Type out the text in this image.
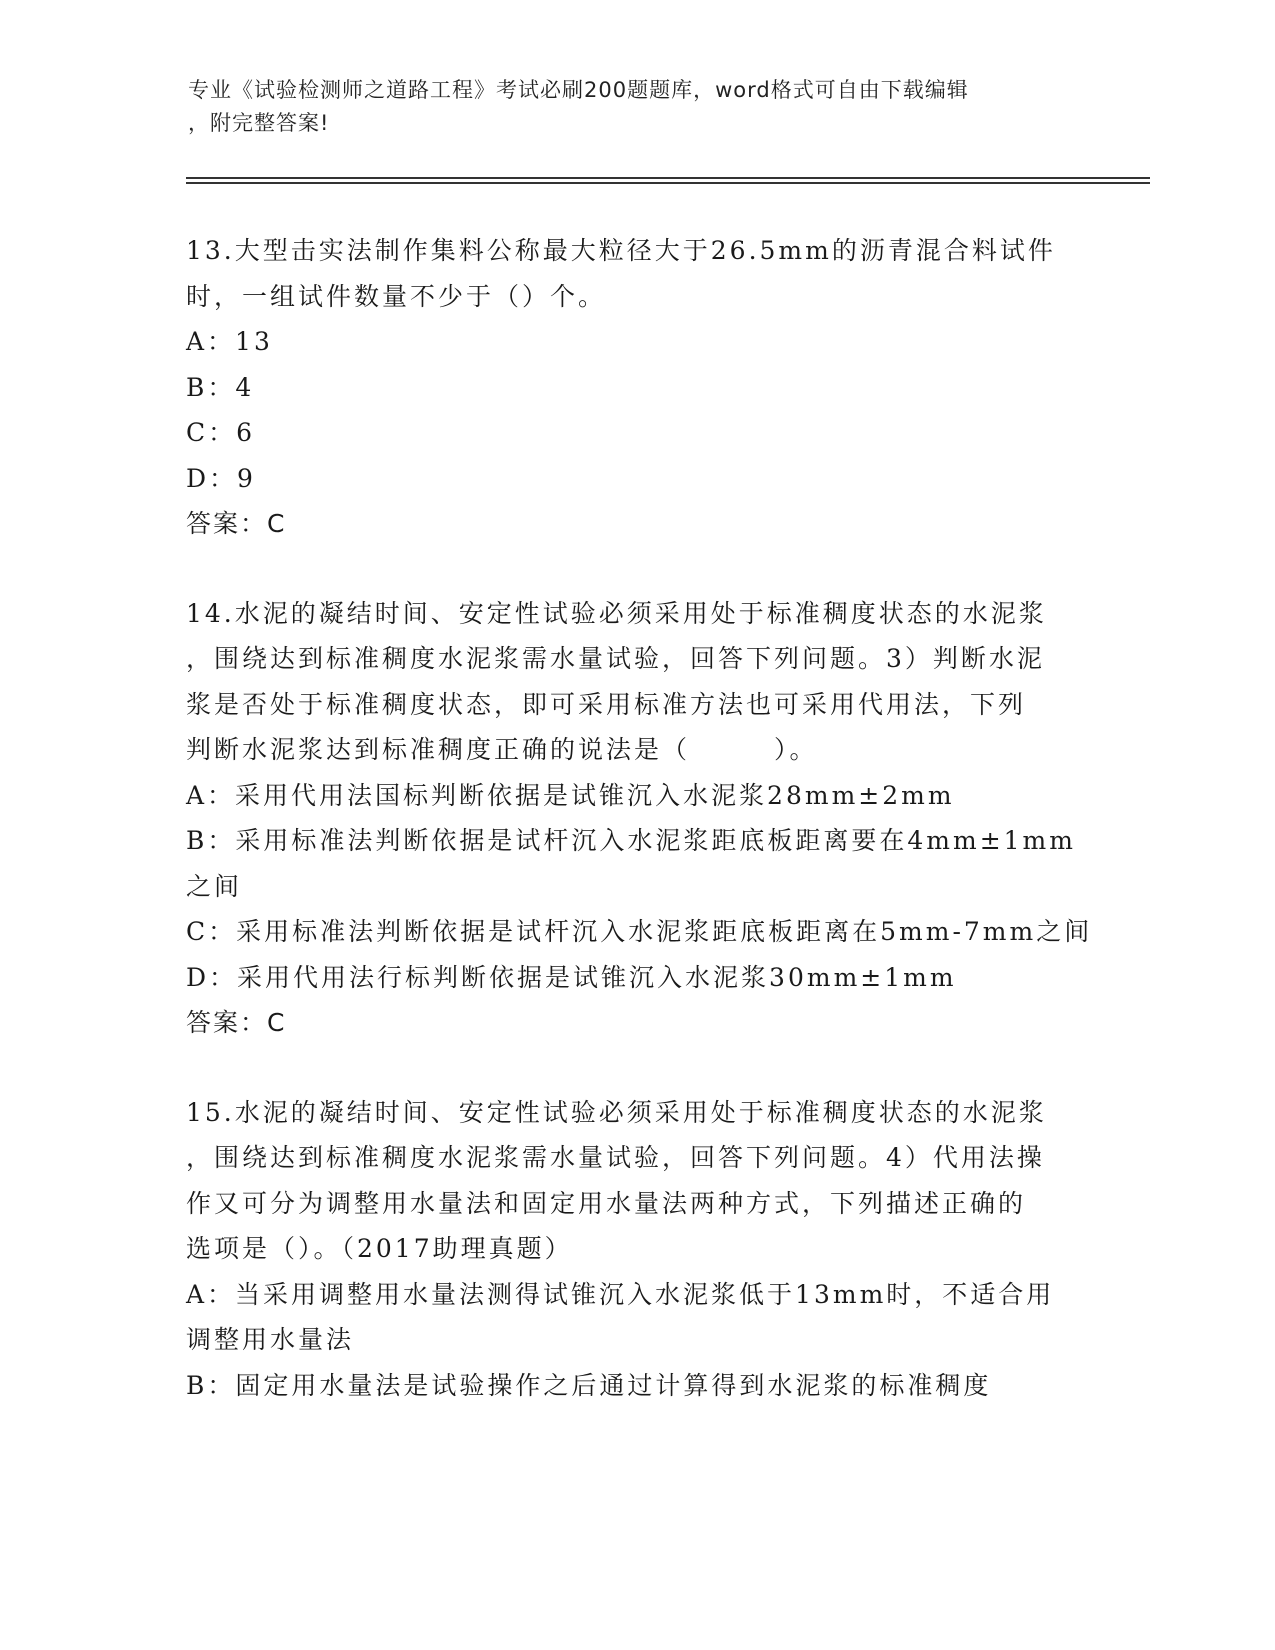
专业《试验检测师之道路工程》考试必刷200题题库，word格式可自由下载编辑
，附完整答案!
13.大型击实法制作集料公称最大粒径大于26.5mm的沥青混合料试件
时，一组试件数量不少于（）个。
A：13
B：4
C：6
D：9
答案：C
14.水泥的凝结时间、安定性试验必须采用处于标准稠度状态的水泥浆
，围绕达到标准稠度水泥浆需水量试验，回答下列问题。3）判断水泥
浆是否处于标准稠度状态，即可采用标准方法也可采用代用法，下列
判断水泥浆达到标准稠度正确的说法是（　　　）。
A：采用代用法国标判断依据是试锥沉入水泥浆28mm±2mm
B：采用标准法判断依据是试杆沉入水泥浆距底板距离要在4mm±1mm
之间
C：采用标准法判断依据是试杆沉入水泥浆距底板距离在5mm-7mm之间
D：采用代用法行标判断依据是试锥沉入水泥浆30mm±1mm
答案：C
15.水泥的凝结时间、安定性试验必须采用处于标准稠度状态的水泥浆
，围绕达到标准稠度水泥浆需水量试验，回答下列问题。4）代用法操
作又可分为调整用水量法和固定用水量法两种方式，下列描述正确的
选项是（）。（2017助理真题）
A：当采用调整用水量法测得试锥沉入水泥浆低于13mm时，不适合用
调整用水量法
B：固定用水量法是试验操作之后通过计算得到水泥浆的标准稠度
